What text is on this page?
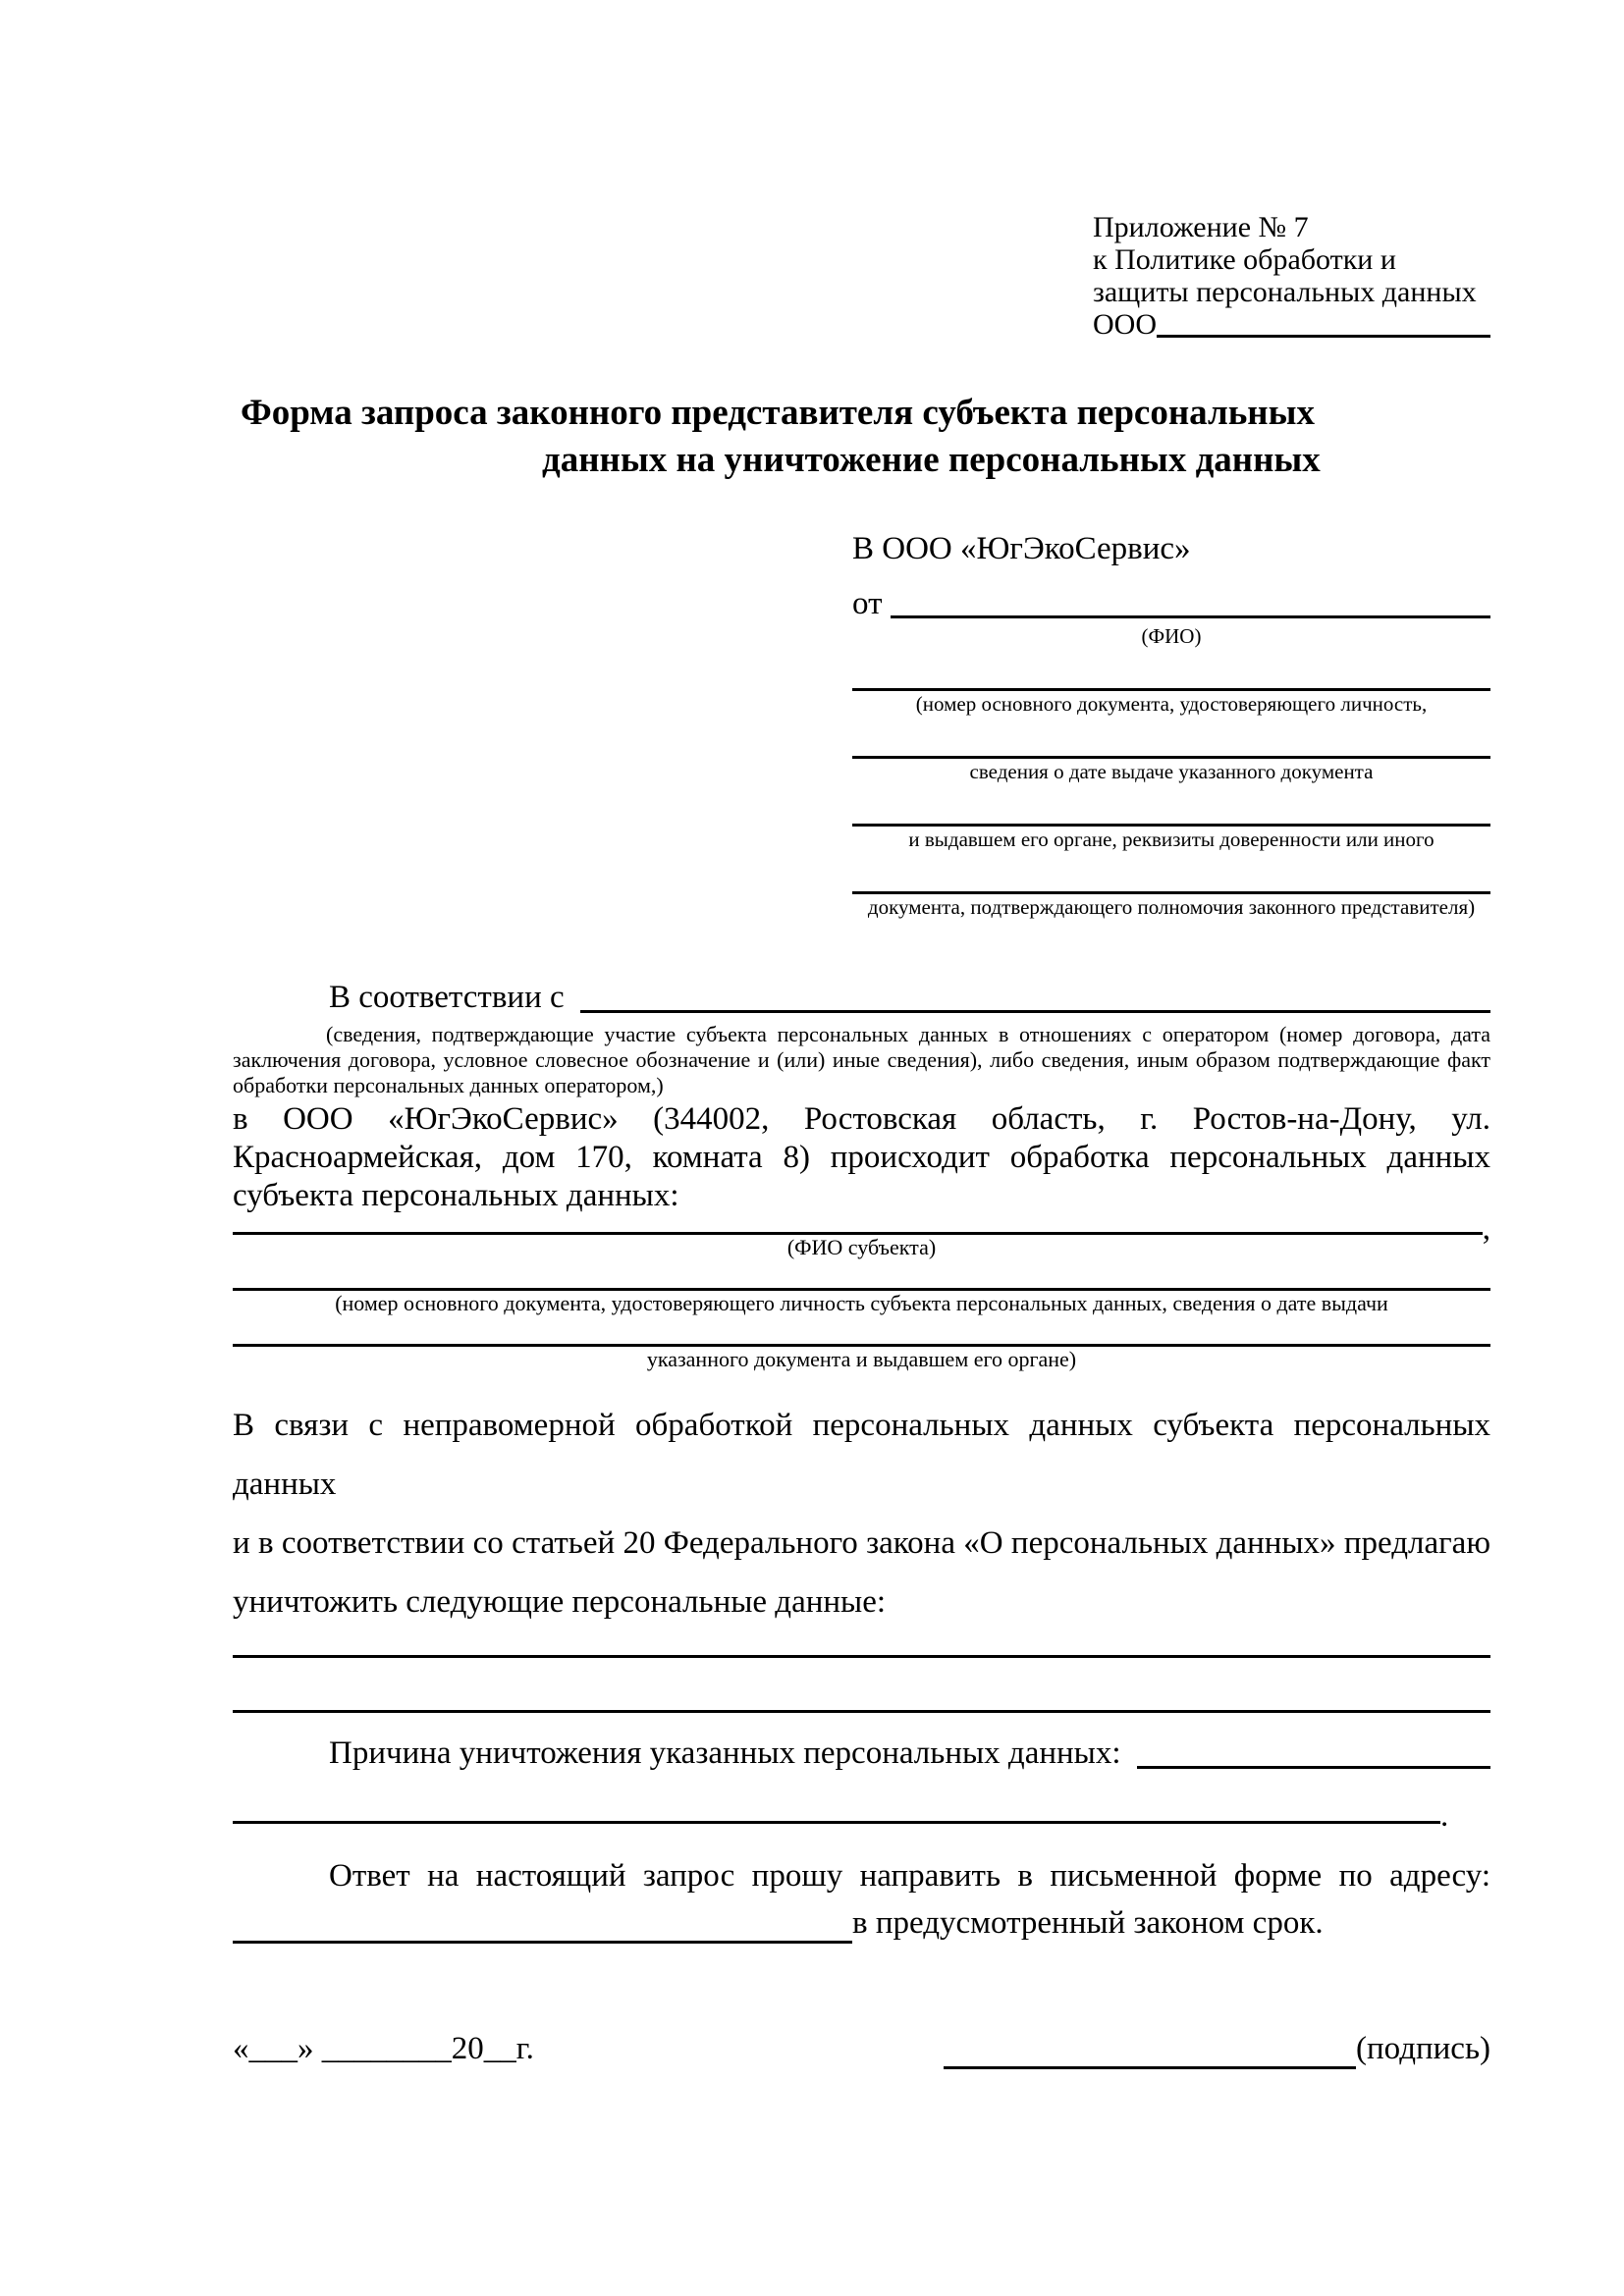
Приложение № 7
к Политике обработки и
защиты персональных данных
ООО
Форма запроса законного представителя субъекта персональных
данных на уничтожение персональных данных
В ООО «ЮгЭкоСервис»
от
(ФИО)
(номер основного документа, удостоверяющего личность,
сведения о дате выдаче указанного документа
и выдавшем его органе, реквизиты доверенности или иного
документа, подтверждающего полномочия законного представителя)
В соответствии с
(сведения, подтверждающие участие субъекта персональных данных в отношениях с оператором (номер договора, дата
заключения договора, условное словесное обозначение и (или) иные сведения), либо сведения, иным образом подтверждающие факт
обработки персональных данных оператором,)
в ООО «ЮгЭкоСервис» (344002, Ростовская область, г. Ростов-на-Дону, ул.
Красноармейская, дом 170, комната 8) происходит обработка персональных данных
субъекта персональных данных:
,
(ФИО субъекта)
(номер основного документа, удостоверяющего личность субъекта персональных данных, сведения о дате выдачи
указанного документа и выдавшем его органе)
В связи с неправомерной обработкой персональных данных субъекта персональных данных
и в соответствии со статьей 20 Федерального закона «О персональных данных» предлагаю
уничтожить следующие персональные данные:
Причина уничтожения указанных персональных данных:
.
Ответ на настоящий запрос прошу направить в письменной форме по адресу:
в предусмотренный законом срок.
«___» ________20__г.	(подпись)
